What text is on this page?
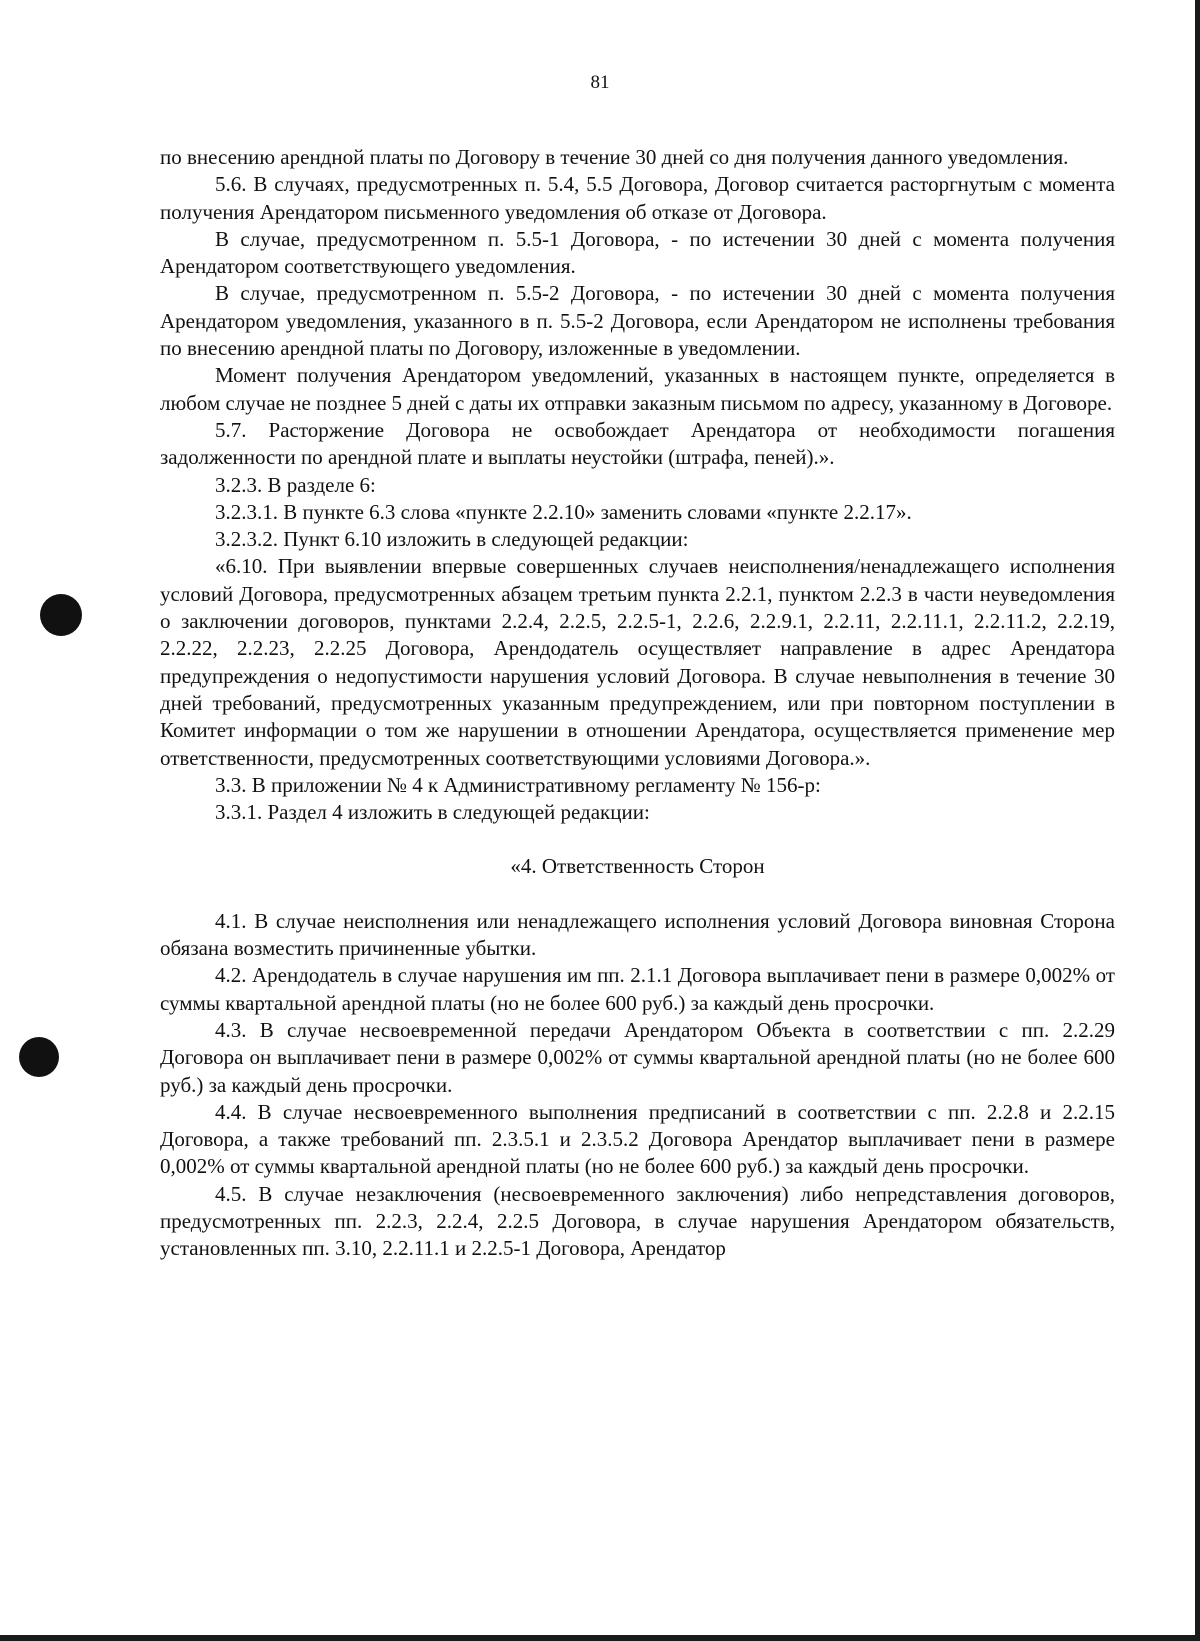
81

по внесению арендной платы по Договору в течение 30 дней со дня получения данного уведомления.

5.6. В случаях, предусмотренных п. 5.4, 5.5 Договора, Договор считается расторгнутым с момента получения Арендатором письменного уведомления об отказе от Договора.

В случае, предусмотренном п. 5.5-1 Договора, - по истечении 30 дней с момента получения Арендатором соответствующего уведомления.

В случае, предусмотренном п. 5.5-2 Договора, - по истечении 30 дней с момента получения Арендатором уведомления, указанного в п. 5.5-2 Договора, если Арендатором не исполнены требования по внесению арендной платы по Договору, изложенные в уведомлении.

Момент получения Арендатором уведомлений, указанных в настоящем пункте, определяется в любом случае не позднее 5 дней с даты их отправки заказным письмом по адресу, указанному в Договоре.

5.7. Расторжение Договора не освобождает Арендатора от необходимости погашения задолженности по арендной плате и выплаты неустойки (штрафа, пеней).».

3.2.3. В разделе 6:

3.2.3.1. В пункте 6.3 слова «пункте 2.2.10» заменить словами «пункте 2.2.17».

3.2.3.2. Пункт 6.10 изложить в следующей редакции:

«6.10. При выявлении впервые совершенных случаев неисполнения/ненадлежащего исполнения условий Договора, предусмотренных абзацем третьим пункта 2.2.1, пунктом 2.2.3 в части неуведомления о заключении договоров, пунктами 2.2.4, 2.2.5, 2.2.5-1, 2.2.6, 2.2.9.1, 2.2.11, 2.2.11.1, 2.2.11.2, 2.2.19, 2.2.22, 2.2.23, 2.2.25 Договора, Арендодатель осуществляет направление в адрес Арендатора предупреждения о недопустимости нарушения условий Договора. В случае невыполнения в течение 30 дней требований, предусмотренных указанным предупреждением, или при повторном поступлении в Комитет информации о том же нарушении в отношении Арендатора, осуществляется применение мер ответственности, предусмотренных соответствующими условиями Договора.».

3.3. В приложении № 4 к Административному регламенту № 156-р:

3.3.1. Раздел 4 изложить в следующей редакции:

«4. Ответственность Сторон

4.1. В случае неисполнения или ненадлежащего исполнения условий Договора виновная Сторона обязана возместить причиненные убытки.

4.2. Арендодатель в случае нарушения им пп. 2.1.1 Договора выплачивает пени в размере 0,002% от суммы квартальной арендной платы (но не более 600 руб.) за каждый день просрочки.

4.3. В случае несвоевременной передачи Арендатором Объекта в соответствии с пп. 2.2.29 Договора он выплачивает пени в размере 0,002% от суммы квартальной арендной платы (но не более 600 руб.) за каждый день просрочки.

4.4. В случае несвоевременного выполнения предписаний в соответствии с пп. 2.2.8 и 2.2.15 Договора, а также требований пп. 2.3.5.1 и 2.3.5.2 Договора Арендатор выплачивает пени в размере 0,002% от суммы квартальной арендной платы (но не более 600 руб.) за каждый день просрочки.

4.5. В случае незаключения (несвоевременного заключения) либо непредставления договоров, предусмотренных пп. 2.2.3, 2.2.4, 2.2.5 Договора, в случае нарушения Арендатором обязательств, установленных пп. 3.10, 2.2.11.1 и 2.2.5-1 Договора, Арендатор
